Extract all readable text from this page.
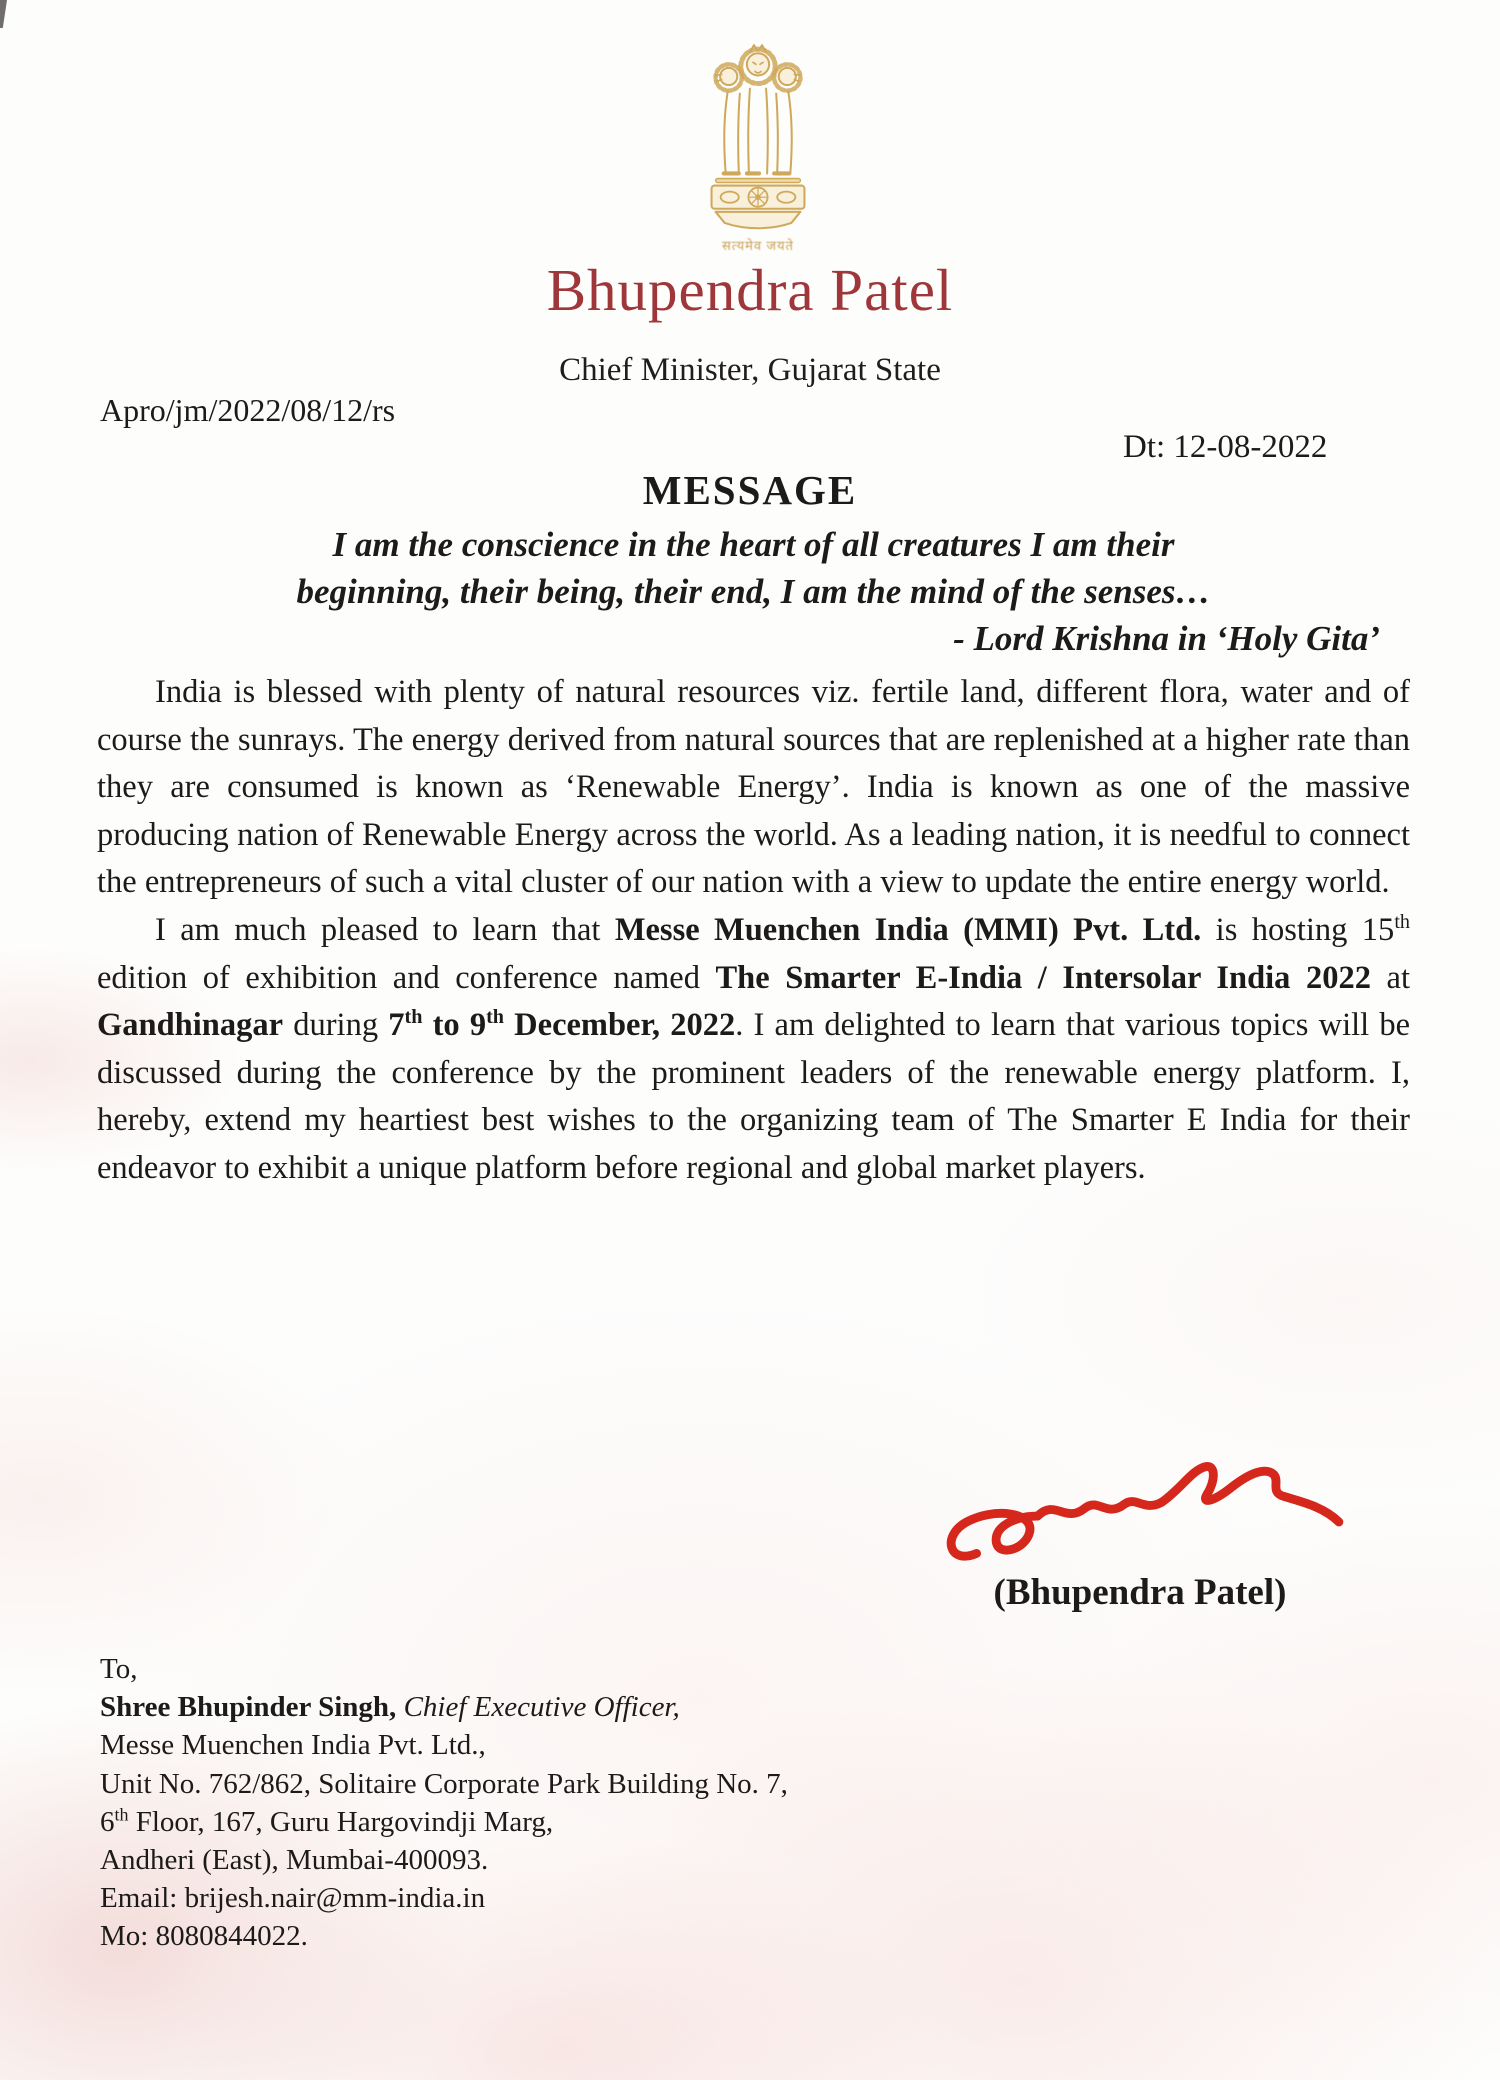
सत्यमेव जयते
Bhupendra Patel
Chief Minister, Gujarat State
Apro/jm/2022/08/12/rs
Dt: 12-08-2022
MESSAGE
I am the conscience in the heart of all creatures I am their
beginning, their being, their end, I am the mind of the senses…
- Lord Krishna in ‘Holy Gita’

India is blessed with plenty of natural resources viz. fertile land, different flora, water and of course the sunrays. The energy derived from natural sources that are replenished at a higher rate than they are consumed is known as ‘Renewable Energy’. India is known as one of the massive producing nation of Renewable Energy across the world. As a leading nation, it is needful to connect the entrepreneurs of such a vital cluster of our nation with a view to update the entire energy world.

I am much pleased to learn that Messe Muenchen India (MMI) Pvt. Ltd. is hosting 15th edition of exhibition and conference named The Smarter E-India / Intersolar India 2022 at Gandhinagar during 7th to 9th December, 2022. I am delighted to learn that various topics will be discussed during the conference by the prominent leaders of the renewable energy platform. I, hereby, extend my heartiest best wishes to the organizing team of The Smarter E India for their endeavor to exhibit a unique platform before regional and global market players.

(Bhupendra Patel)
To,
Shree Bhupinder Singh, Chief Executive Officer,
Messe Muenchen India Pvt. Ltd.,
Unit No. 762/862, Solitaire Corporate Park Building No. 7,
6th Floor, 167, Guru Hargovindji Marg,
Andheri (East), Mumbai-400093.
Email: brijesh.nair@mm-india.in
Mo: 8080844022.
